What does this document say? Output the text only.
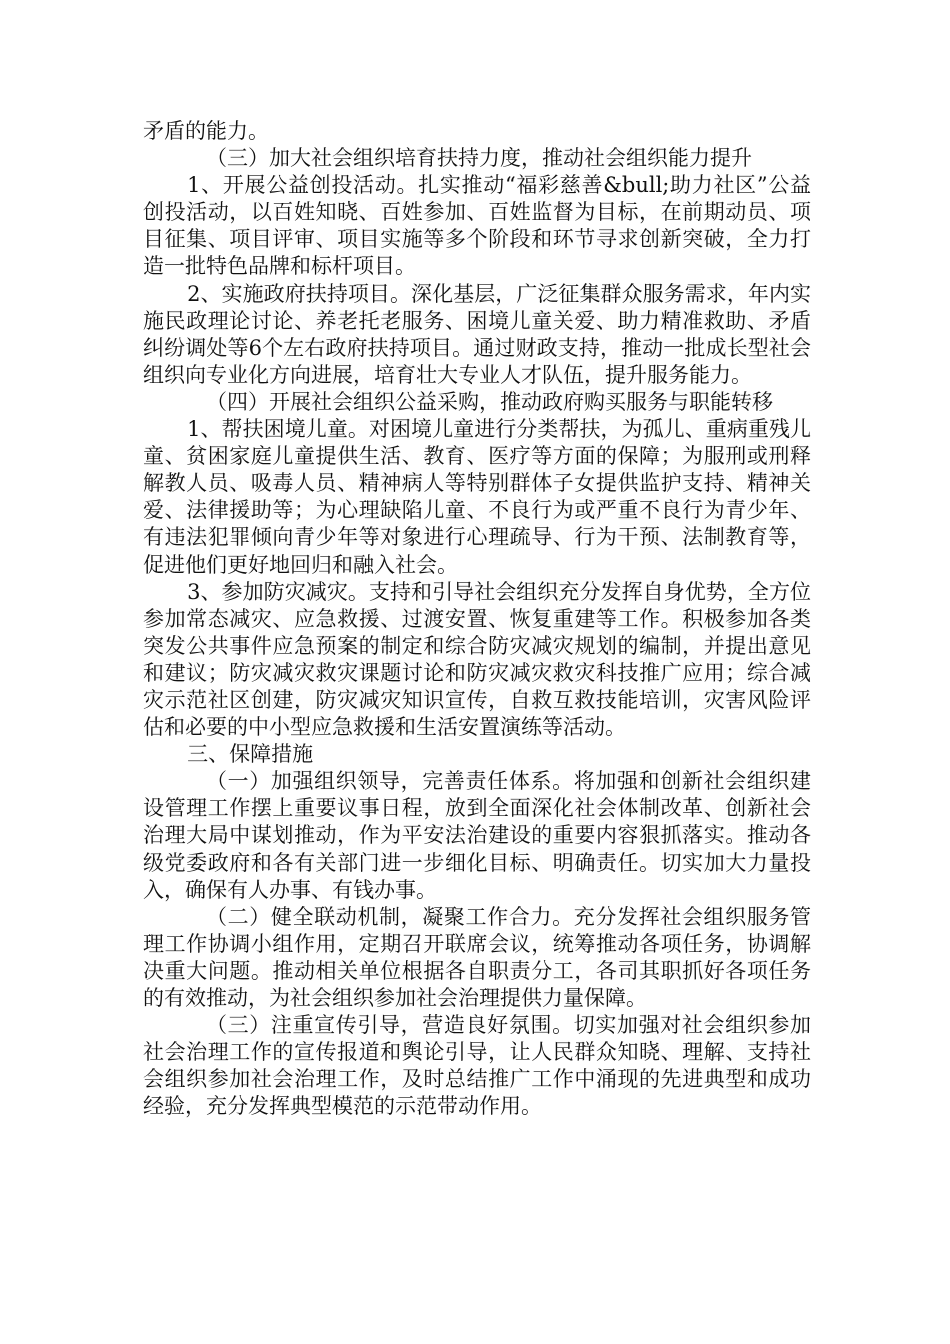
矛盾的能力。

（三）加大社会组织培育扶持力度，推动社会组织能力提升

1、开展公益创投活动。扎实推动“福彩慈善&bull;助力社区”公益创投活动，以百姓知晓、百姓参加、百姓监督为目标，在前期动员、项目征集、项目评审、项目实施等多个阶段和环节寻求创新突破，全力打造一批特色品牌和标杆项目。

2、实施政府扶持项目。深化基层，广泛征集群众服务需求，年内实施民政理论讨论、养老托老服务、困境儿童关爱、助力精准救助、矛盾纠纷调处等6个左右政府扶持项目。通过财政支持，推动一批成长型社会组织向专业化方向进展，培育壮大专业人才队伍，提升服务能力。

（四）开展社会组织公益采购，推动政府购买服务与职能转移

1、帮扶困境儿童。对困境儿童进行分类帮扶，为孤儿、重病重残儿童、贫困家庭儿童提供生活、教育、医疗等方面的保障；为服刑或刑释解教人员、吸毒人员、精神病人等特别群体子女提供监护支持、精神关爱、法律援助等；为心理缺陷儿童、不良行为或严重不良行为青少年、有违法犯罪倾向青少年等对象进行心理疏导、行为干预、法制教育等，促进他们更好地回归和融入社会。

3、参加防灾减灾。支持和引导社会组织充分发挥自身优势，全方位参加常态减灾、应急救援、过渡安置、恢复重建等工作。积极参加各类突发公共事件应急预案的制定和综合防灾减灾规划的编制，并提出意见和建议；防灾减灾救灾课题讨论和防灾减灾救灾科技推广应用；综合减灾示范社区创建，防灾减灾知识宣传，自救互救技能培训，灾害风险评估和必要的中小型应急救援和生活安置演练等活动。

三、保障措施

（一）加强组织领导，完善责任体系。将加强和创新社会组织建设管理工作摆上重要议事日程，放到全面深化社会体制改革、创新社会治理大局中谋划推动，作为平安法治建设的重要内容狠抓落实。推动各级党委政府和各有关部门进一步细化目标、明确责任。切实加大力量投入，确保有人办事、有钱办事。

（二）健全联动机制，凝聚工作合力。充分发挥社会组织服务管理工作协调小组作用，定期召开联席会议，统筹推动各项任务，协调解决重大问题。推动相关单位根据各自职责分工，各司其职抓好各项任务的有效推动，为社会组织参加社会治理提供力量保障。

（三）注重宣传引导，营造良好氛围。切实加强对社会组织参加社会治理工作的宣传报道和舆论引导，让人民群众知晓、理解、支持社会组织参加社会治理工作，及时总结推广工作中涌现的先进典型和成功经验，充分发挥典型模范的示范带动作用。
